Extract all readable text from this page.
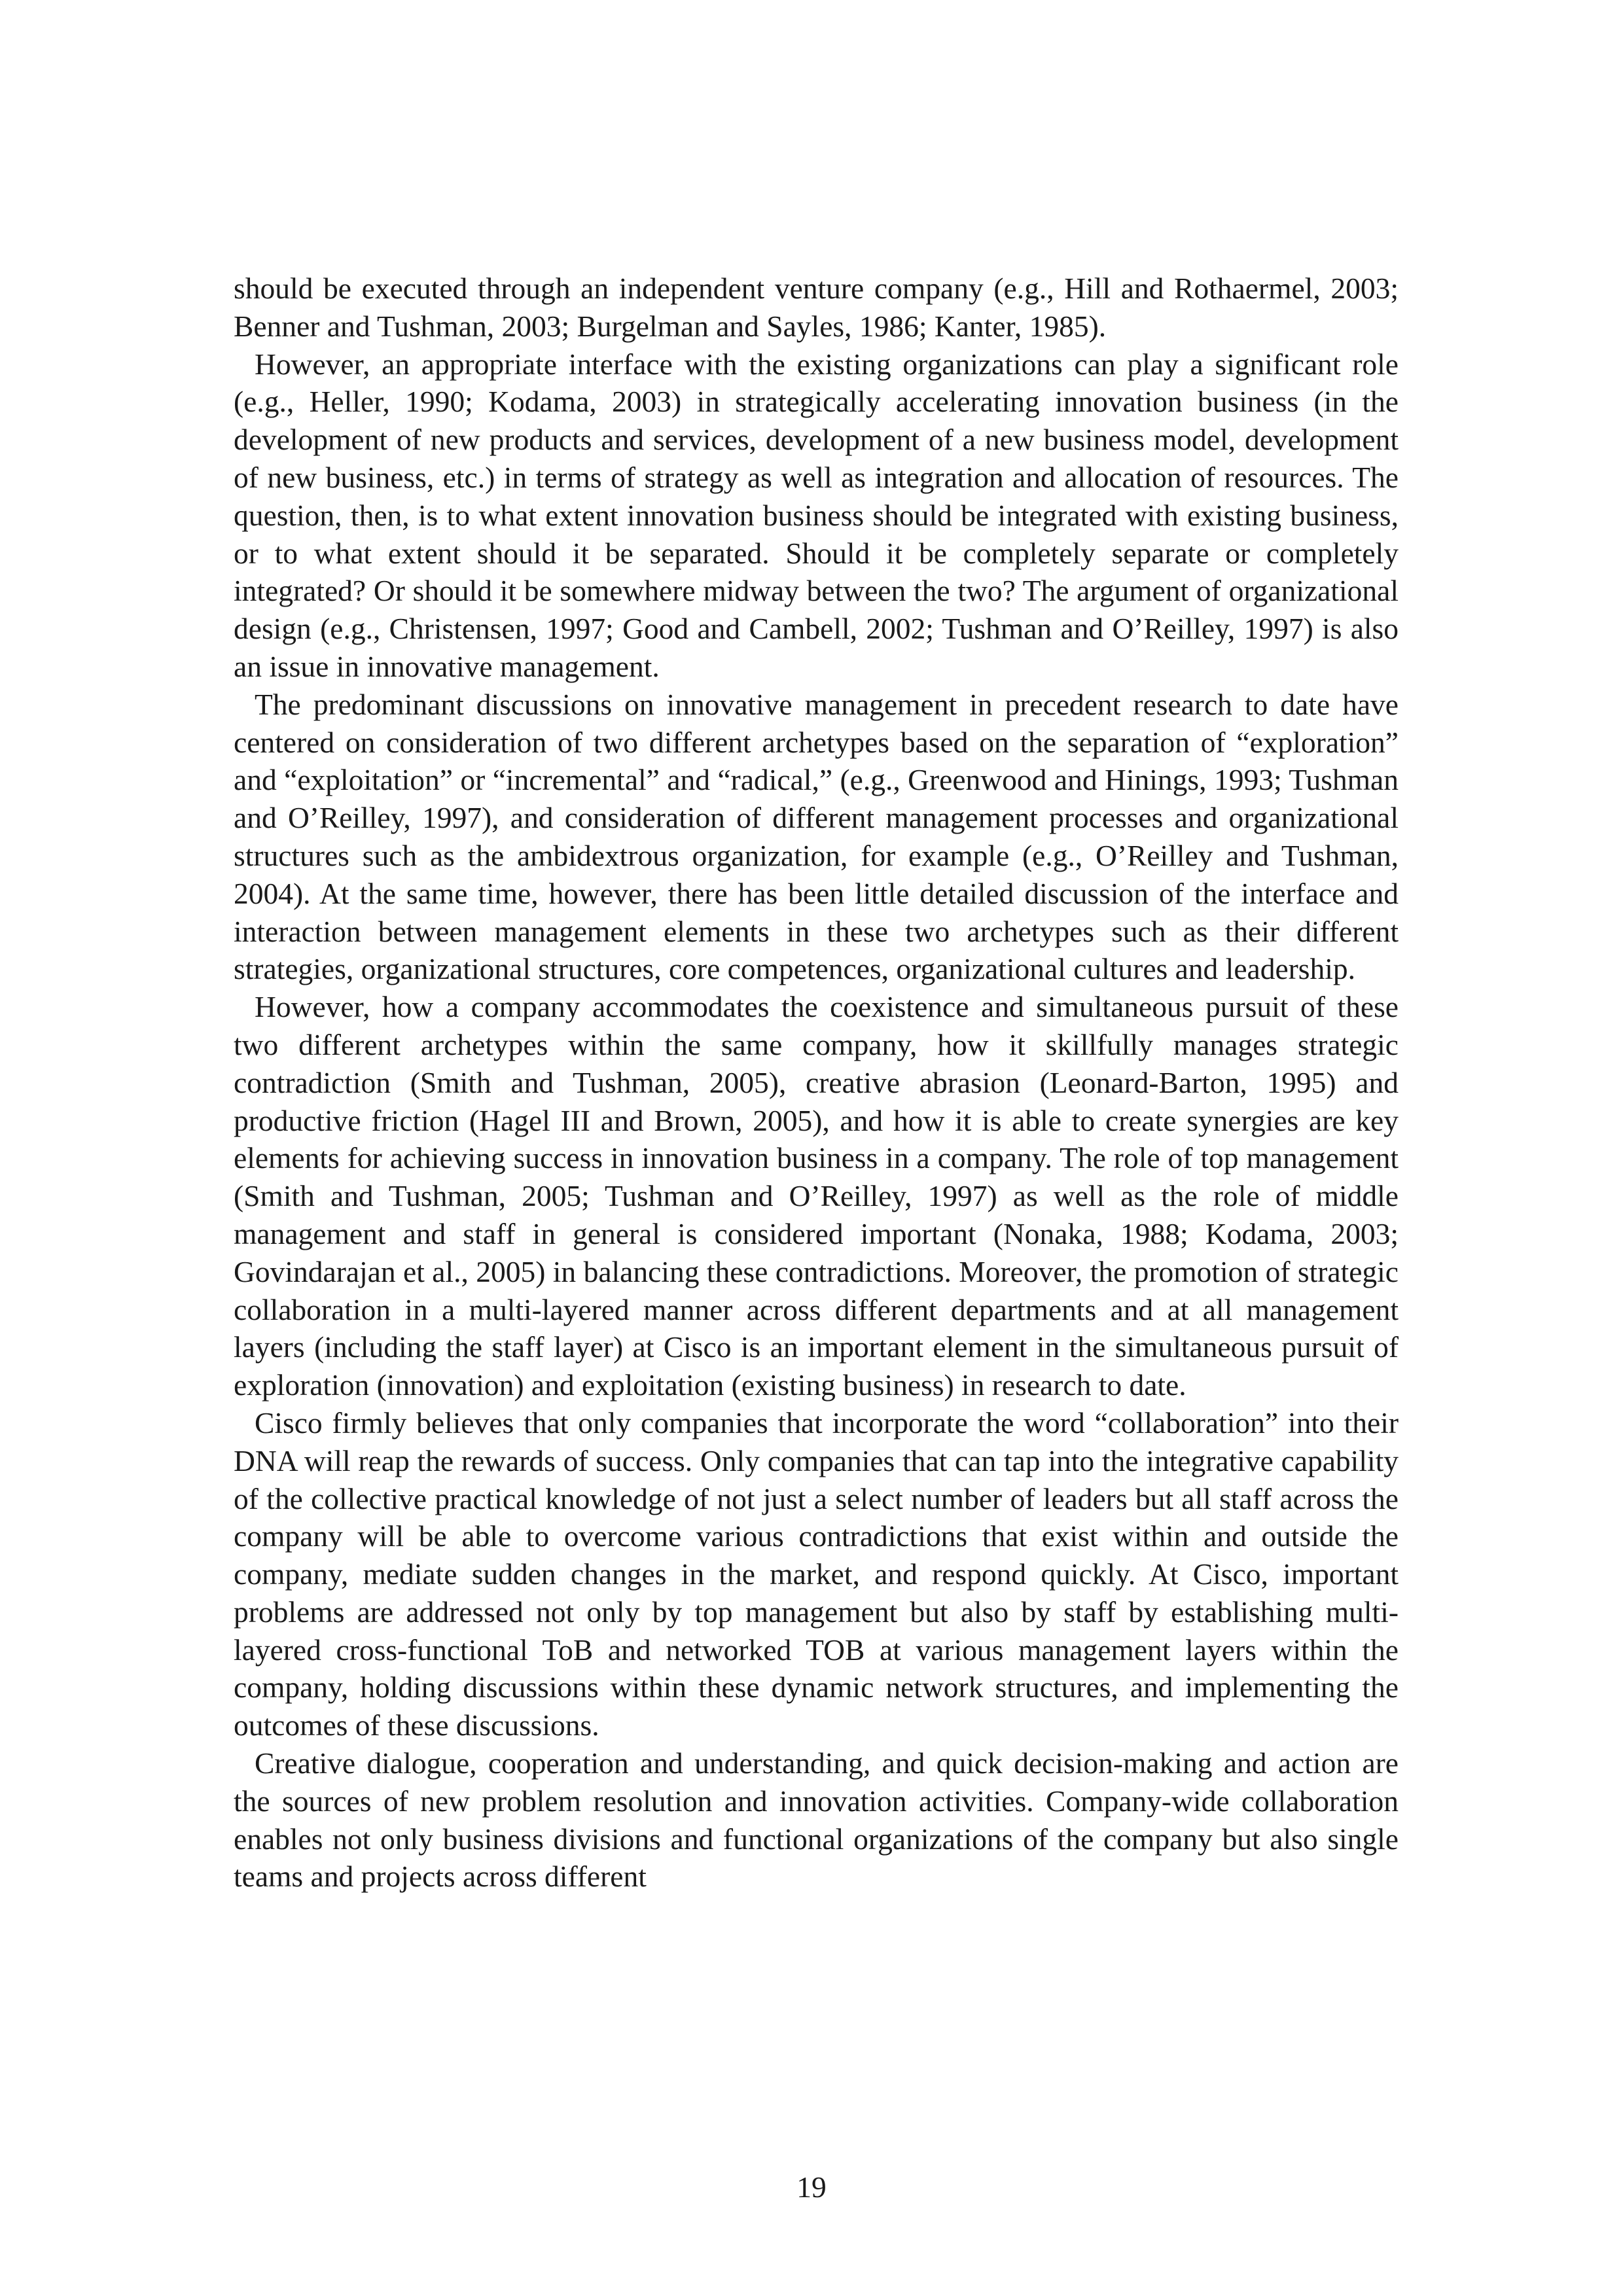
should be executed through an independent venture company (e.g., Hill and Rothaermel, 2003; Benner and Tushman, 2003; Burgelman and Sayles, 1986; Kanter, 1985).

However, an appropriate interface with the existing organizations can play a significant role (e.g., Heller, 1990; Kodama, 2003) in strategically accelerating innovation business (in the development of new products and services, development of a new business model, development of new business, etc.) in terms of strategy as well as integration and allocation of resources. The question, then, is to what extent innovation business should be integrated with existing business, or to what extent should it be separated. Should it be completely separate or completely integrated? Or should it be somewhere midway between the two? The argument of organizational design (e.g., Christensen, 1997; Good and Cambell, 2002; Tushman and O’Reilley, 1997) is also an issue in innovative management.

The predominant discussions on innovative management in precedent research to date have centered on consideration of two different archetypes based on the separation of “exploration” and “exploitation” or “incremental” and “radical,” (e.g., Greenwood and Hinings, 1993; Tushman and O’Reilley, 1997), and consideration of different management processes and organizational structures such as the ambidextrous organization, for example (e.g., O’Reilley and Tushman, 2004). At the same time, however, there has been little detailed discussion of the interface and interaction between management elements in these two archetypes such as their different strategies, organizational structures, core competences, organizational cultures and leadership.

However, how a company accommodates the coexistence and simultaneous pursuit of these two different archetypes within the same company, how it skillfully manages strategic contradiction (Smith and Tushman, 2005), creative abrasion (Leonard-Barton, 1995) and productive friction (Hagel III and Brown, 2005), and how it is able to create synergies are key elements for achieving success in innovation business in a company. The role of top management (Smith and Tushman, 2005; Tushman and O’Reilley, 1997) as well as the role of middle management and staff in general is considered important (Nonaka, 1988; Kodama, 2003; Govindarajan et al., 2005) in balancing these contradictions. Moreover, the promotion of strategic collaboration in a multi-layered manner across different departments and at all management layers (including the staff layer) at Cisco is an important element in the simultaneous pursuit of exploration (innovation) and exploitation (existing business) in research to date.

Cisco firmly believes that only companies that incorporate the word “collaboration” into their DNA will reap the rewards of success. Only companies that can tap into the integrative capability of the collective practical knowledge of not just a select number of leaders but all staff across the company will be able to overcome various contradictions that exist within and outside the company, mediate sudden changes in the market, and respond quickly. At Cisco, important problems are addressed not only by top management but also by staff by establishing multi-layered cross-functional ToB and networked TOB at various management layers within the company, holding discussions within these dynamic network structures, and implementing the outcomes of these discussions.

Creative dialogue, cooperation and understanding, and quick decision-making and action are the sources of new problem resolution and innovation activities. Company-wide collaboration enables not only business divisions and functional organizations of the company but also single teams and projects across different

19
